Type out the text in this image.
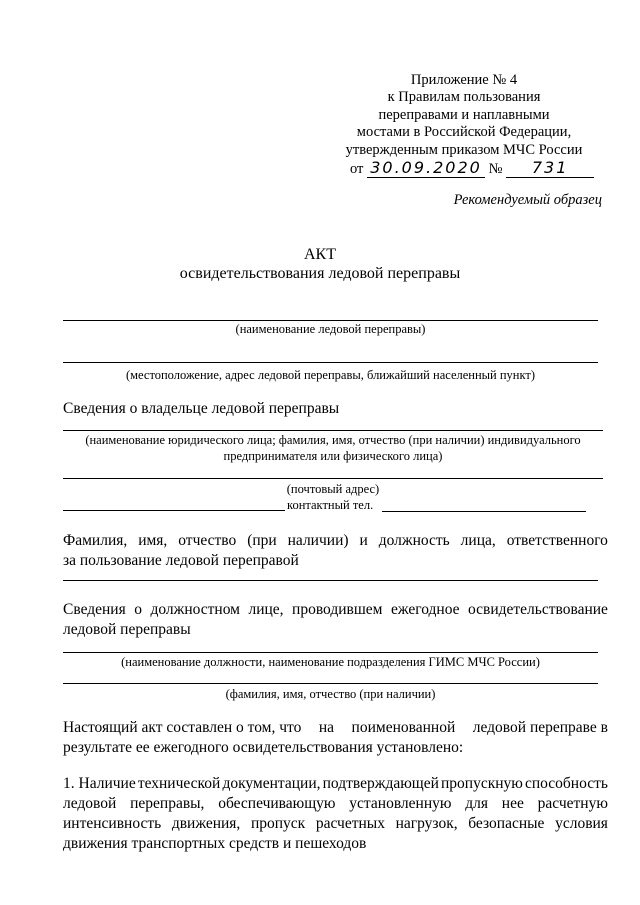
Приложение № 4
к Правилам пользования
переправами и наплавными
мостами в Российской Федерации,
утвержденным приказом МЧС России
от 30.09.2020 № 731
Рекомендуемый образец
АКТ
освидетельствования ледовой переправы
(наименование ледовой переправы)
(местоположение, адрес ледовой переправы, ближайший населенный пункт)
Сведения о владельце ледовой переправы
(наименование юридического лица; фамилия, имя, отчество (при наличии) индивидуального
предпринимателя или физического лица)
(почтовый адрес)
контактный тел.
Фамилия, имя, отчество (при наличии) и должность лица, ответственного
за пользование ледовой переправой
Сведения о должностном лице, проводившем ежегодное освидетельствование
ледовой переправы
(наименование должности, наименование подразделения ГИМС МЧС России)
(фамилия, имя, отчество (при наличии)
Настоящий акт составлен о том, что на поименованной ледовой переправе в
результате ее ежегодного освидетельствования установлено:
1. Наличие технической документации, подтверждающей пропускную способность
ледовой переправы, обеспечивающую установленную для нее расчетную
интенсивность движения, пропуск расчетных нагрузок, безопасные условия
движения транспортных средств и пешеходов
